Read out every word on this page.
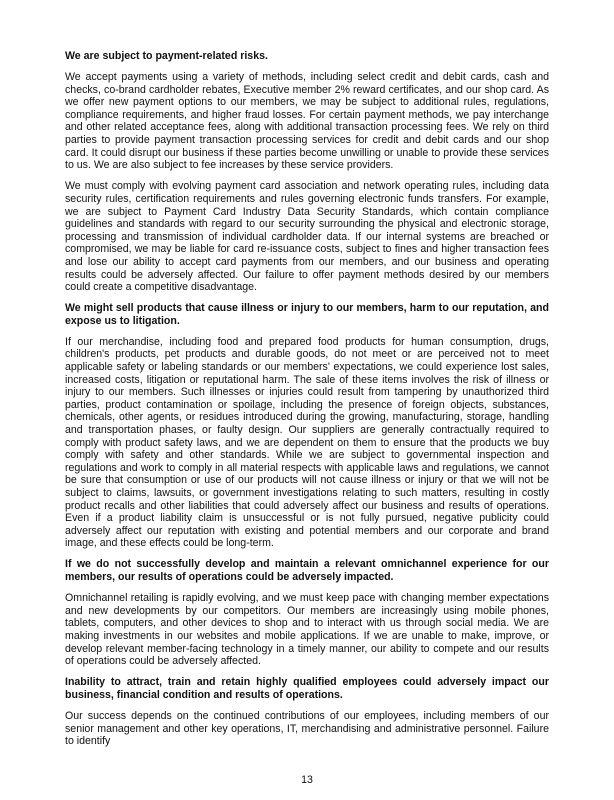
We are subject to payment-related risks.

We accept payments using a variety of methods, including select credit and debit cards, cash and checks, co-brand cardholder rebates, Executive member 2% reward certificates, and our shop card. As we offer new payment options to our members, we may be subject to additional rules, regulations, compliance requirements, and higher fraud losses. For certain payment methods, we pay interchange and other related acceptance fees, along with additional transaction processing fees. We rely on third parties to provide payment transaction processing services for credit and debit cards and our shop card. It could disrupt our business if these parties become unwilling or unable to provide these services to us. We are also subject to fee increases by these service providers.

We must comply with evolving payment card association and network operating rules, including data security rules, certification requirements and rules governing electronic funds transfers. For example, we are subject to Payment Card Industry Data Security Standards, which contain compliance guidelines and standards with regard to our security surrounding the physical and electronic storage, processing and transmission of individual cardholder data. If our internal systems are breached or compromised, we may be liable for card re-issuance costs, subject to fines and higher transaction fees and lose our ability to accept card payments from our members, and our business and operating results could be adversely affected. Our failure to offer payment methods desired by our members could create a competitive disadvantage.

We might sell products that cause illness or injury to our members, harm to our reputation, and expose us to litigation.

If our merchandise, including food and prepared food products for human consumption, drugs, children's products, pet products and durable goods, do not meet or are perceived not to meet applicable safety or labeling standards or our members' expectations, we could experience lost sales, increased costs, litigation or reputational harm. The sale of these items involves the risk of illness or injury to our members. Such illnesses or injuries could result from tampering by unauthorized third parties, product contamination or spoilage, including the presence of foreign objects, substances, chemicals, other agents, or residues introduced during the growing, manufacturing, storage, handling and transportation phases, or faulty design. Our suppliers are generally contractually required to comply with product safety laws, and we are dependent on them to ensure that the products we buy comply with safety and other standards. While we are subject to governmental inspection and regulations and work to comply in all material respects with applicable laws and regulations, we cannot be sure that consumption or use of our products will not cause illness or injury or that we will not be subject to claims, lawsuits, or government investigations relating to such matters, resulting in costly product recalls and other liabilities that could adversely affect our business and results of operations. Even if a product liability claim is unsuccessful or is not fully pursued, negative publicity could adversely affect our reputation with existing and potential members and our corporate and brand image, and these effects could be long-term.

If we do not successfully develop and maintain a relevant omnichannel experience for our members, our results of operations could be adversely impacted.

Omnichannel retailing is rapidly evolving, and we must keep pace with changing member expectations and new developments by our competitors. Our members are increasingly using mobile phones, tablets, computers, and other devices to shop and to interact with us through social media. We are making investments in our websites and mobile applications. If we are unable to make, improve, or develop relevant member-facing technology in a timely manner, our ability to compete and our results of operations could be adversely affected.

Inability to attract, train and retain highly qualified employees could adversely impact our business, financial condition and results of operations.

Our success depends on the continued contributions of our employees, including members of our senior management and other key operations, IT, merchandising and administrative personnel. Failure to identify

13
